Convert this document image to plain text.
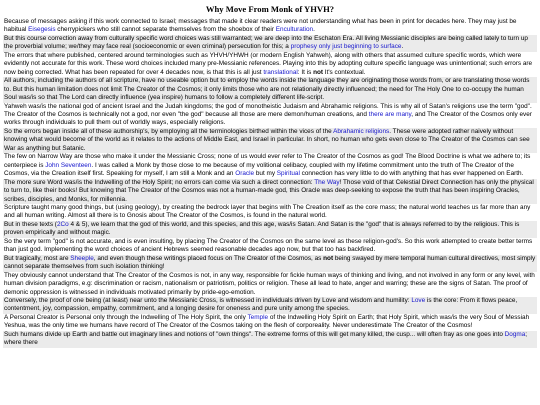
Why Move From Monk of YHVH?

Because of messages asking if this work connected to Israel; messages that made it clear readers were not understanding what has been in print for decades here. They may just be habitual Eisegesis cherrypickers who still cannot separate themselves from the shoebox of their Enculturation.

But this course correction away from culturally specific word choices was still warranted; we are deep into the Eschaton Era. All living Messianic disciples are being called lately to turn up the proverbial volume; we/they may face real (socioeconomic or even criminal) persecution for this; a prophesy only just beginning to surface.

The errors that where published, centered around terminologies such as YHVH/YHWH (or modern English Yahweh), along with others that assumed culture specific words, which were evidently not accurate for this work. These word choices included many pre-Messianic references. Playing into this by adopting culture specific language was unintentional; such errors are now being corrected. What has been repeated for over 4 decades now, is that this is all just translational: It is not It's contextual.

All authors, including the authors of all scripture, have no useable option but to employ the words inside the language they are originating those words from, or are translating those words to. But this human limitation does not limit The Creator of the Cosmos; it only limits those who are not relationally directly influenced; the need for The Holy One to co-occupy the human Soul was/is so that The Lord can directly influence (yea inspire) humans to follow a completely different life-script.

Yahweh was/is the national god of ancient Israel and the Judah kingdoms; the god of monotheistic Judaism and Abrahamic religions. This is why all of Satan's religions use the term "god". The Creator of the Cosmos is technically not a god, nor even "the god" because all those are mere demon/human creations, and there are many, and The Creator of the Cosmos only ever works through individuals to pull them out of worldly ways, especially religions.

So the errors began inside all of these authorship's, by employing all the terminologies birthed within the vices of the Abrahamic religions. These were adopted rather naively without knowing what would become of the world as it relates to the actions of Middle East, and Israel in particular. In short, no human who gets even close to The Creator of the Cosmos can see War as anything but Satanic.

The few on Narrow Way are those who make it under the Messianic Cross; none of us would ever refer to The Creator of the Cosmos as god! The Blood Doctrine is what we adhere to; its centerpiece is John Seventeen. I was called a Monk by those close to me because of my volitional celibacy, coupled with my lifetime commitment unto the truth of The Creator of the Cosmos, via the Creation itself first. Speaking for myself, I am still a Monk and an Oracle but my Spiritual connection has very little to do with anything that has ever happened on Earth.

The more sure Word was/is the Indwelling of the Holy Spirit; no errors can come via such a direct connection: The Way! Those void of that Celestial Direct Connection has only the physical to turn to, like their books! But knowing that The Creator of the Cosmos was not a human-made god, this Oracle was deep-seeking to expose the truth that has been inspiring Oracles, scribes, disciples, and Monks, for millennia.

Scripture taught many good things, but (using geology), by creating the bedrock layer that begins with The Creation itself as the core mass; the natural world teaches us far more than any and all human writing. Almost all there is to Gnosis about The Creator of the Cosmos, is found in the natural world.

But in these texts (2Co 4 & 5), we learn that the god of this world, and this species, and this age, was/is Satan. And Satan is the "god" that is always referred to by the religious. This is proven empirically and without magic.

So the very term "god" is not accurate, and is even insulting, by placing The Creator of the Cosmos on the same level as these religion-god's. So this work attempted to create better terms than just god. Implementing the word choices of ancient Hebrews seemed reasonable decades ago now, but that too has backfired.

But tragically, most are Sheeple, and even though these writings placed focus on The Creator of the Cosmos, as not being swayed by mere temporal human cultural directives, most simply cannot separate themselves from such isolation thinking!

They obviously cannot understand that The Creator of the Cosmos is not, in any way, responsible for fickle human ways of thinking and living, and not involved in any form or any level, with human division paradigms, e.g: discrimination or racism, nationalism or patriotism, politics or religion. These all lead to hate, anger and warring; these are the signs of Satan. The proof of demonic oppression is witnessed in individuals motivated primarily by pride-ego-emotion.

Conversely, the proof of one being (at least) near unto the Messianic Cross, is witnessed in individuals driven by Love and wisdom and humility: Love is the core: From it flows peace, contentment, joy, compassion, empathy, commitment, and a longing desire for oneness and pure unity among the species.

A Personal Creator is Personal only through the Indwelling of The Holy Spirit, the only Temple of the Indwelling Holy Spirit on Earth; that Holy Spirit, which was/is the very Soul of Messiah Yeshua, was the only time we humans have record of The Creator of the Cosmos taking on the flesh of corporeality. Never underestimate The Creator of the Cosmos!

Such humans divide up Earth and battle out imaginary lines and notions of "own things". The extreme forms of this will get many killed, the cusp... will often fray as one goes into Dogma; where there
